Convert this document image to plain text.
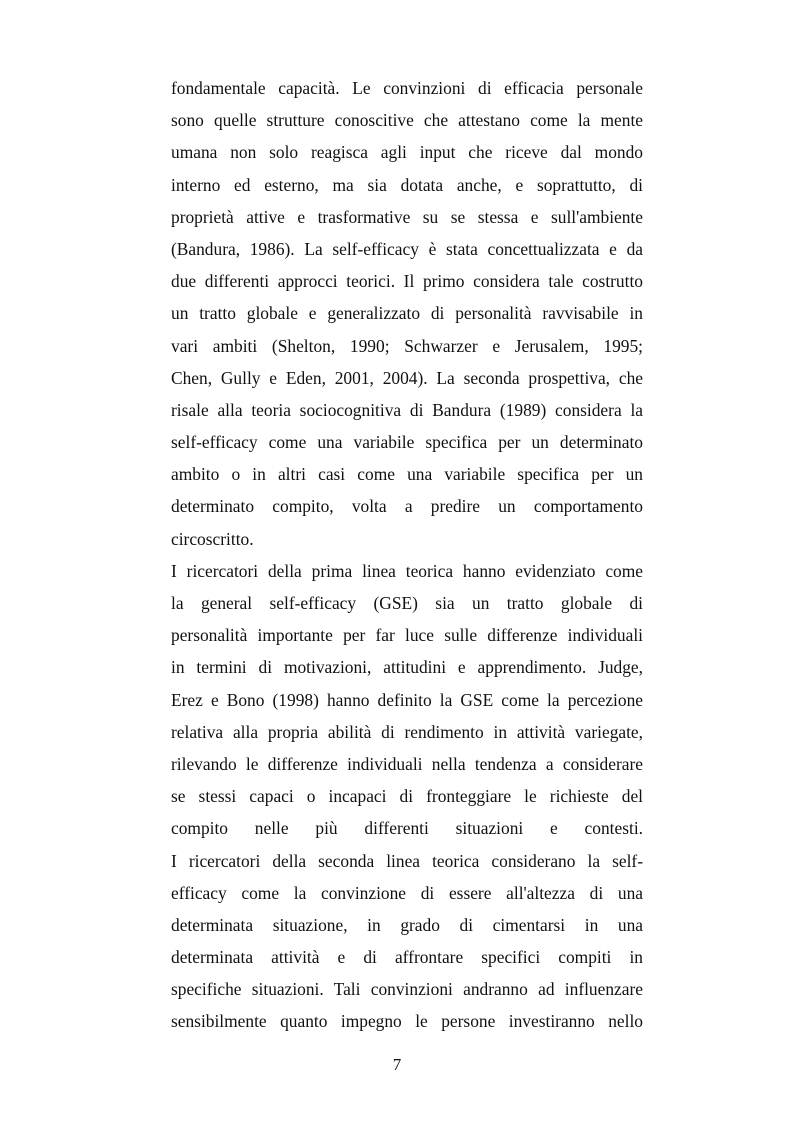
fondamentale capacità. Le convinzioni di efficacia personale
sono quelle strutture conoscitive che attestano come la mente
umana non solo reagisca agli input che riceve dal mondo
interno ed esterno, ma sia dotata anche, e soprattutto, di
proprietà attive e trasformative su se stessa e sull'ambiente
(Bandura, 1986). La self-efficacy è stata concettualizzata e da
due differenti approcci teorici. Il primo considera tale costrutto
un tratto globale e generalizzato di personalità ravvisabile in
vari ambiti (Shelton, 1990; Schwarzer e Jerusalem, 1995;
Chen, Gully e Eden, 2001, 2004). La seconda prospettiva, che
risale alla teoria sociocognitiva di Bandura (1989) considera la
self-efficacy come una variabile specifica per un determinato
ambito o in altri casi come una variabile specifica per un
determinato compito, volta a predire un comportamento
circoscritto.
I ricercatori della prima linea teorica hanno evidenziato come
la general self-efficacy (GSE) sia un tratto globale di
personalità importante per far luce sulle differenze individuali
in termini di motivazioni, attitudini e apprendimento. Judge,
Erez e Bono (1998) hanno definito la GSE come la percezione
relativa alla propria abilità di rendimento in attività variegate,
rilevando le differenze individuali nella tendenza a considerare
se stessi capaci o incapaci di fronteggiare le richieste del
compito nelle più differenti situazioni e contesti.
I ricercatori della seconda linea teorica considerano la self-
efficacy come la convinzione di essere all'altezza di una
determinata situazione, in grado di cimentarsi in una
determinata attività e di affrontare specifici compiti in
specifiche situazioni. Tali convinzioni andranno ad influenzare
sensibilmente quanto impegno le persone investiranno nello
7
